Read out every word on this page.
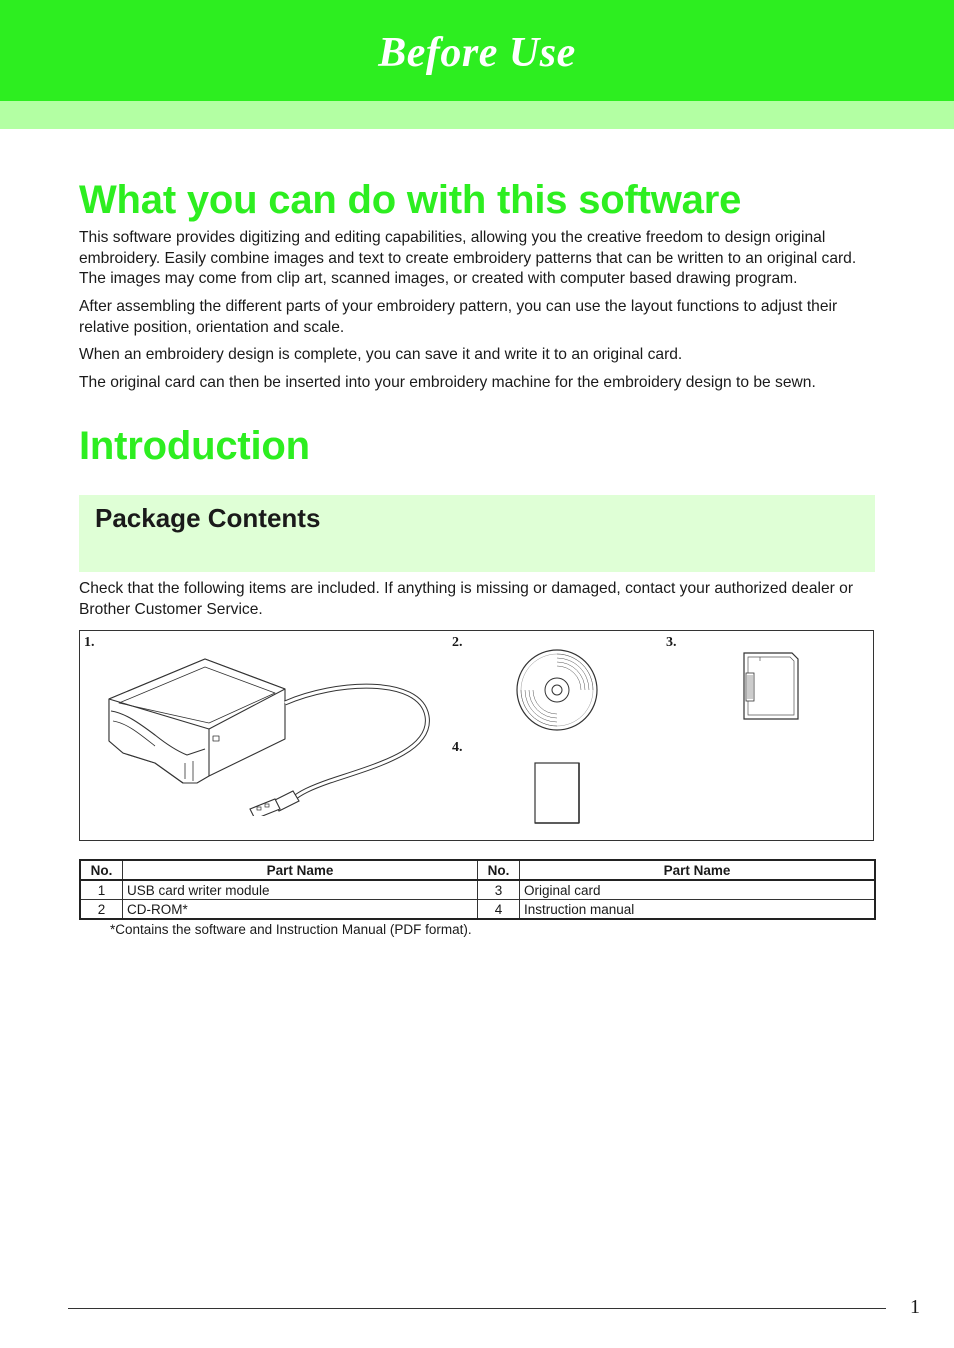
Before Use
What you can do with this software

This software provides digitizing and editing capabilities, allowing you the creative freedom to design original embroidery. Easily combine images and text to create embroidery patterns that can be written to an original card. The images may come from clip art, scanned images, or created with computer based drawing program.

After assembling the different parts of your embroidery pattern, you can use the layout functions to adjust their relative position, orientation and scale.

When an embroidery design is complete, you can save it and write it to an original card.

The original card can then be inserted into your embroidery machine for the embroidery design to be sewn.

Introduction
Package Contents

Check that the following items are included. If anything is missing or damaged, contact your authorized dealer or Brother Customer Service.

1.	2.	3.
4.
No.	Part Name	No.	Part Name
1	USB card writer module	3	Original card
2	CD-ROM*	4	Instruction manual

*Contains the software and Instruction Manual (PDF format).

1
